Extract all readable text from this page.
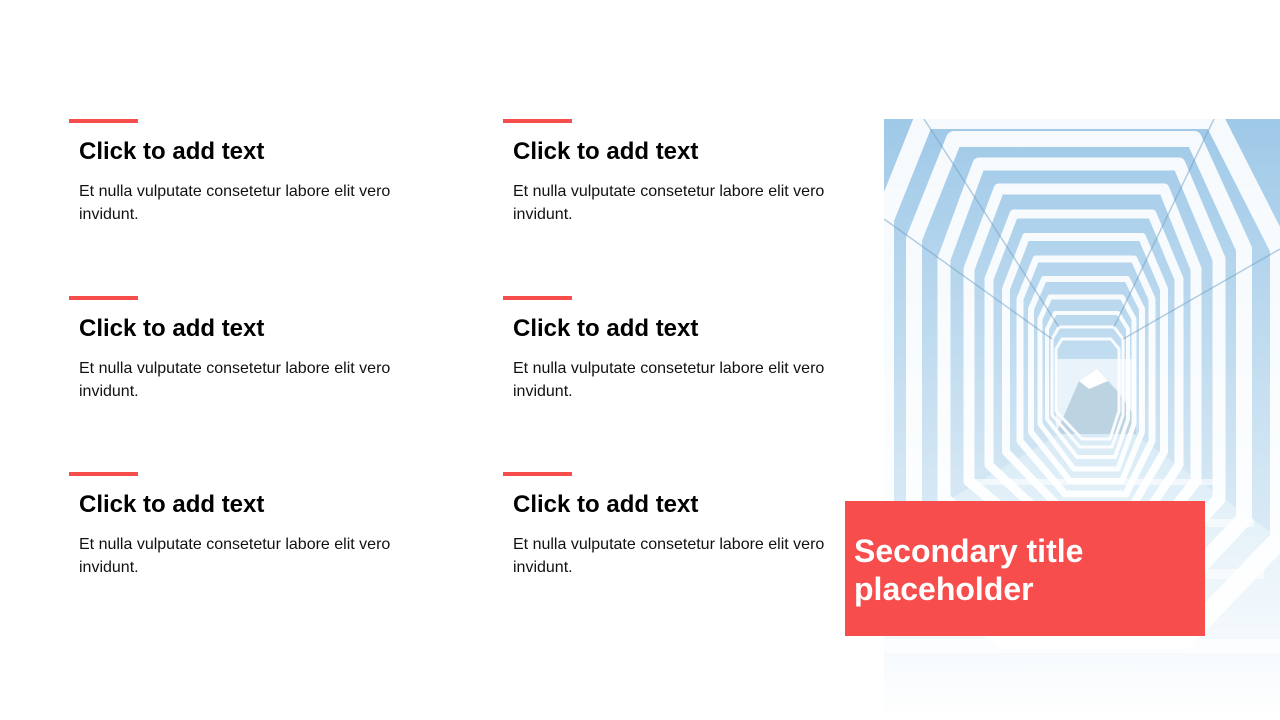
Click to add text

Et nulla vulputate consetetur labore elit vero invidunt.

Click to add text

Et nulla vulputate consetetur labore elit vero invidunt.

Click to add text

Et nulla vulputate consetetur labore elit vero invidunt.

Click to add text

Et nulla vulputate consetetur labore elit vero invidunt.

Click to add text

Et nulla vulputate consetetur labore elit vero invidunt.

Click to add text

Et nulla vulputate consetetur labore elit vero invidunt.	Secondary title placeholder
